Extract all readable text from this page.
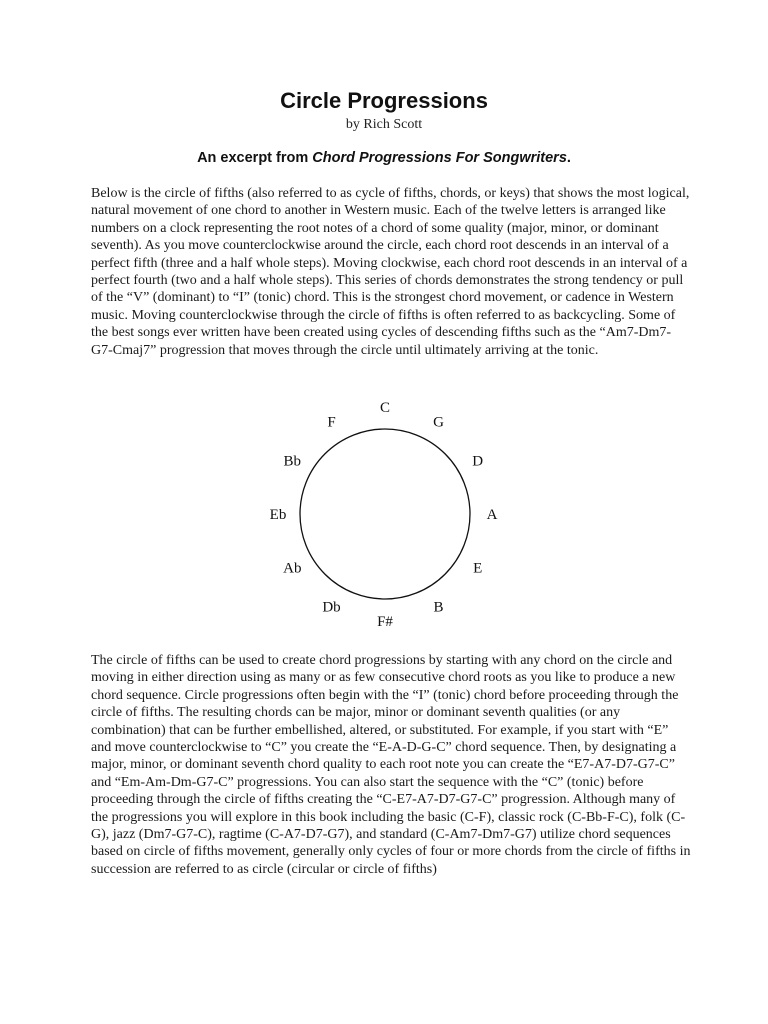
Circle Progressions
by Rich Scott
An excerpt from Chord Progressions For Songwriters.

Below is the circle of fifths (also referred to as cycle of fifths, chords, or keys) that shows the most logical, natural movement of one chord to another in Western music. Each of the twelve letters is arranged like numbers on a clock representing the root notes of a chord of some quality (major, minor, or dominant seventh). As you move counterclockwise around the circle, each chord root descends in an interval of a perfect fifth (three and a half whole steps). Moving clockwise, each chord root descends in an interval of a perfect fourth (two and a half whole steps). This series of chords demonstrates the strong tendency or pull of the “V” (dominant) to “I” (tonic) chord. This is the strongest chord movement, or cadence in Western music. Moving counterclockwise through the circle of fifths is often referred to as backcycling. Some of the best songs ever written have been created using cycles of descending fifths such as the “Am7-Dm7-G7-Cmaj7” progression that moves through the circle until ultimately arriving at the tonic.

C
G
D
A
E
B
F#
Db
Ab
Eb
Bb
F

The circle of fifths can be used to create chord progressions by starting with any chord on the circle and moving in either direction using as many or as few consecutive chord roots as you like to produce a new chord sequence. Circle progressions often begin with the “I” (tonic) chord before proceeding through the circle of fifths. The resulting chords can be major, minor or dominant seventh qualities (or any combination) that can be further embellished, altered, or substituted. For example, if you start with “E” and move counterclockwise to “C” you create the “E-A-D-G-C” chord sequence. Then, by designating a major, minor, or dominant seventh chord quality to each root note you can create the “E7-A7-D7-G7-C” and “Em-Am-Dm-G7-C” progressions. You can also start the sequence with the “C” (tonic) before proceeding through the circle of fifths creating the “C-E7-A7-D7-G7-C” progression. Although many of the progressions you will explore in this book including the basic (C-F), classic rock (C-Bb-F-C), folk (C-G), jazz (Dm7-G7-C), ragtime (C-A7-D7-G7), and standard (C-Am7-Dm7-G7) utilize chord sequences based on circle of fifths movement, generally only cycles of four or more chords from the circle of fifths in succession are referred to as circle (circular or circle of fifths)
